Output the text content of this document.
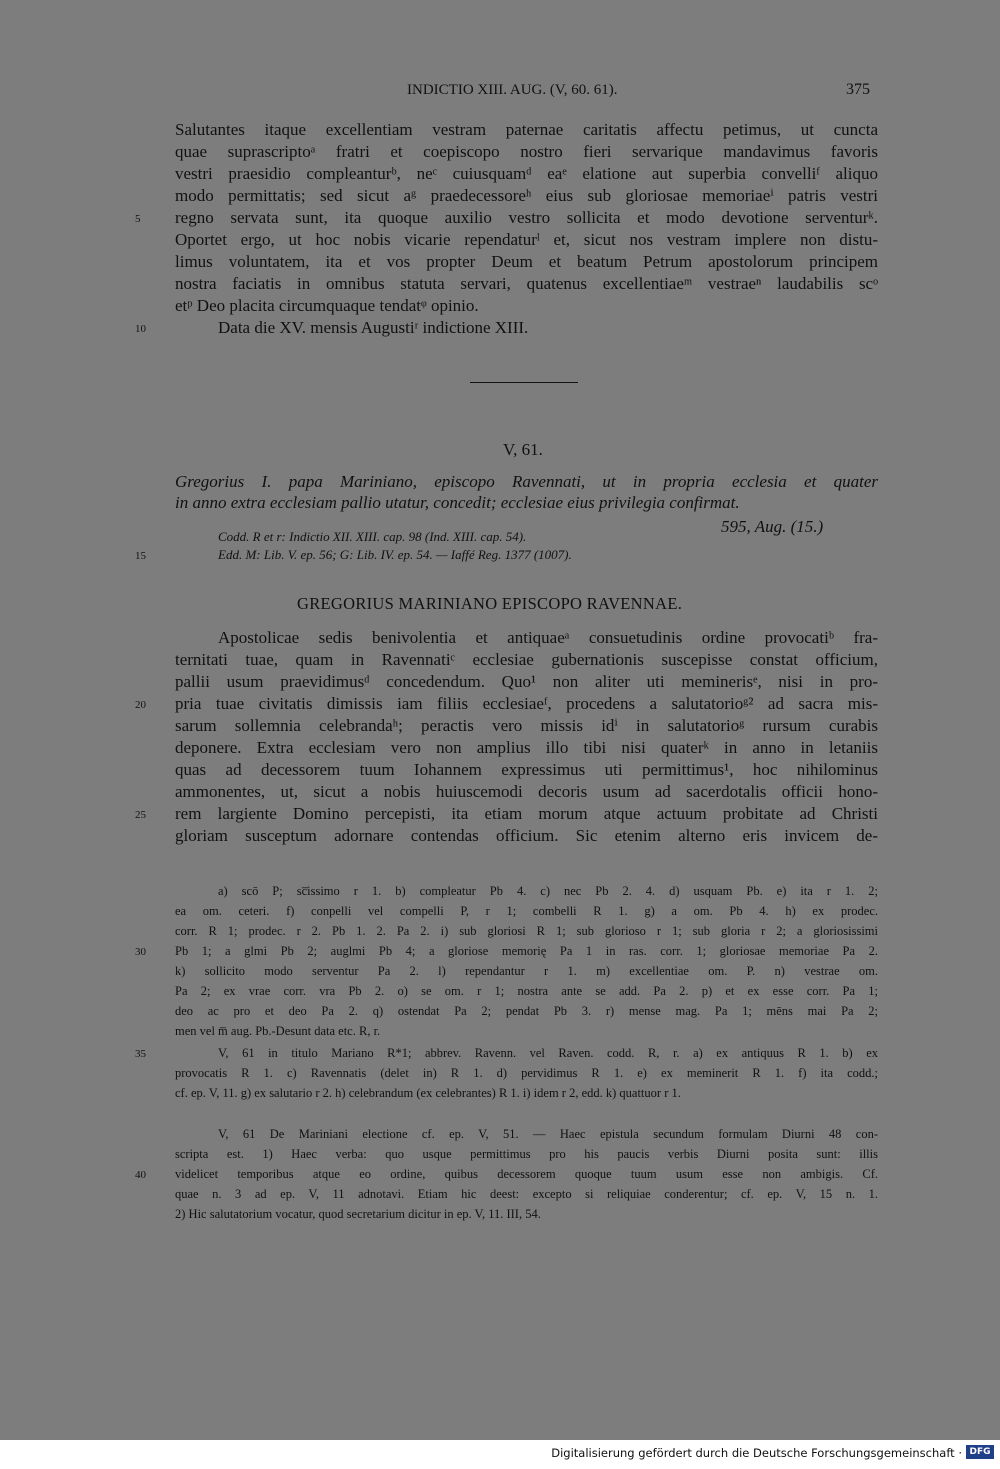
INDICTIO XIII. AUG. (V, 60. 61).	375
Salutantes itaque excellentiam vestram paternae caritatis affectu petimus, ut cuncta
quae suprascriptoᵃ fratri et coepiscopo nostro fieri servarique mandavimus favoris
vestri praesidio compleanturᵇ, neᶜ cuiusquamᵈ eaᵉ elatione aut superbia convelliᶠ aliquo
modo permittatis; sed sicut aᵍ praedecessoreʰ eius sub gloriosae memoriaeⁱ patris vestri
regno servata sunt, ita quoque auxilio vestro sollicita et modo devotione serventurᵏ.
Oportet ergo, ut hoc nobis vicarie rependaturˡ et, sicut nos vestram implere non distu-
limus voluntatem, ita et vos propter Deum et beatum Petrum apostolorum principem
nostra faciatis in omnibus statuta servari, quatenus excellentiaeᵐ vestraeⁿ laudabilis scᵒ
etᵖ Deo placita circumquaque tendatᵠ opinio.
Data die XV. mensis Augustiʳ indictione XIII.
5
10
V, 61.
Gregorius I. papa Mariniano, episcopo Ravennati, ut in propria ecclesia et quater
in anno extra ecclesiam pallio utatur, concedit; ecclesiae eius privilegia confirmat.
595, Aug. (15.)
Codd. R et r: Indictio XII. XIII. cap. 98 (Ind. XIII. cap. 54).
Edd. M: Lib. V. ep. 56; G: Lib. IV. ep. 54. — Iaffé Reg. 1377 (1007).
15
GREGORIUS MARINIANO EPISCOPO RAVENNAE.
Apostolicae sedis benivolentia et antiquaeᵃ consuetudinis ordine provocatiᵇ fra-
ternitati tuae, quam in Ravennatiᶜ ecclesiae gubernationis suscepisse constat officium,
pallii usum praevidimusᵈ concedendum. Quo¹ non aliter uti meminerisᵉ, nisi in pro-
pria tuae civitatis dimissis iam filiis ecclesiaeᶠ, procedens a salutatorioᵍ² ad sacra mis-
sarum sollemnia celebrandaʰ; peractis vero missis idⁱ in salutatorioᵍ rursum curabis
deponere. Extra ecclesiam vero non amplius illo tibi nisi quaterᵏ in anno in letaniis
quas ad decessorem tuum Iohannem expressimus uti permittimus¹, hoc nihilominus
ammonentes, ut, sicut a nobis huiuscemodi decoris usum ad sacerdotalis officii hono-
rem largiente Domino percepisti, ita etiam morum atque actuum probitate ad Christi
gloriam susceptum adornare contendas officium. Sic etenim alterno eris invicem de-
20
25
a) scō P; sc̅issimo r 1. b) compleatur Pb 4. c) nec Pb 2. 4. d) usquam Pb. e) ita r 1. 2;
ea om. ceteri. f) conpelli vel compelli P, r 1; combelli R 1. g) a om. Pb 4. h) ex prodec.
corr. R 1; prodec. r 2. Pb 1. 2. Pa 2. i) sub gloriosi R 1; sub glorioso r 1; sub gloria r 2; a gloriosissimi
Pb 1; a glmi Pb 2; auglmi Pb 4; a gloriose memorię Pa 1 in ras. corr. 1; gloriosae memoriae Pa 2.
k) sollicito modo serventur Pa 2. l) rependantur r 1. m) excellentiae om. P. n) vestrae om.
Pa 2; ex vrae corr. vra Pb 2. o) se om. r 1; nostra ante se add. Pa 2. p) et ex esse corr. Pa 1;
deo ac pro et deo Pa 2. q) ostendat Pa 2; pendat Pb 3. r) mense mag. Pa 1; mēns mai Pa 2;
men vel m̅ aug. Pb.-Desunt data etc. R, r.
30
V, 61 in titulo Mariano R*1; abbrev. Ravenn. vel Raven. codd. R, r. a) ex antiquus R 1. b) ex
provocatis R 1. c) Ravennatis (delet in) R 1. d) pervidimus R 1. e) ex meminerit R 1. f) ita codd.;
cf. ep. V, 11. g) ex salutario r 2. h) celebrandum (ex celebrantes) R 1. i) idem r 2, edd. k) quattuor r 1.
35
V, 61 De Mariniani electione cf. ep. V, 51. — Haec epistula secundum formulam Diurni 48 con-
scripta est. 1) Haec verba: quo usque permittimus pro his paucis verbis Diurni posita sunt: illis
videlicet temporibus atque eo ordine, quibus decessorem quoque tuum usum esse non ambigis. Cf.
quae n. 3 ad ep. V, 11 adnotavi. Etiam hic deest: excepto si reliquiae conderentur; cf. ep. V, 15 n. 1.
2) Hic salutatorium vocatur, quod secretarium dicitur in ep. V, 11. III, 54.
40
Digitalisierung gefördert durch die Deutsche Forschungsgemeinschaft · DFG
